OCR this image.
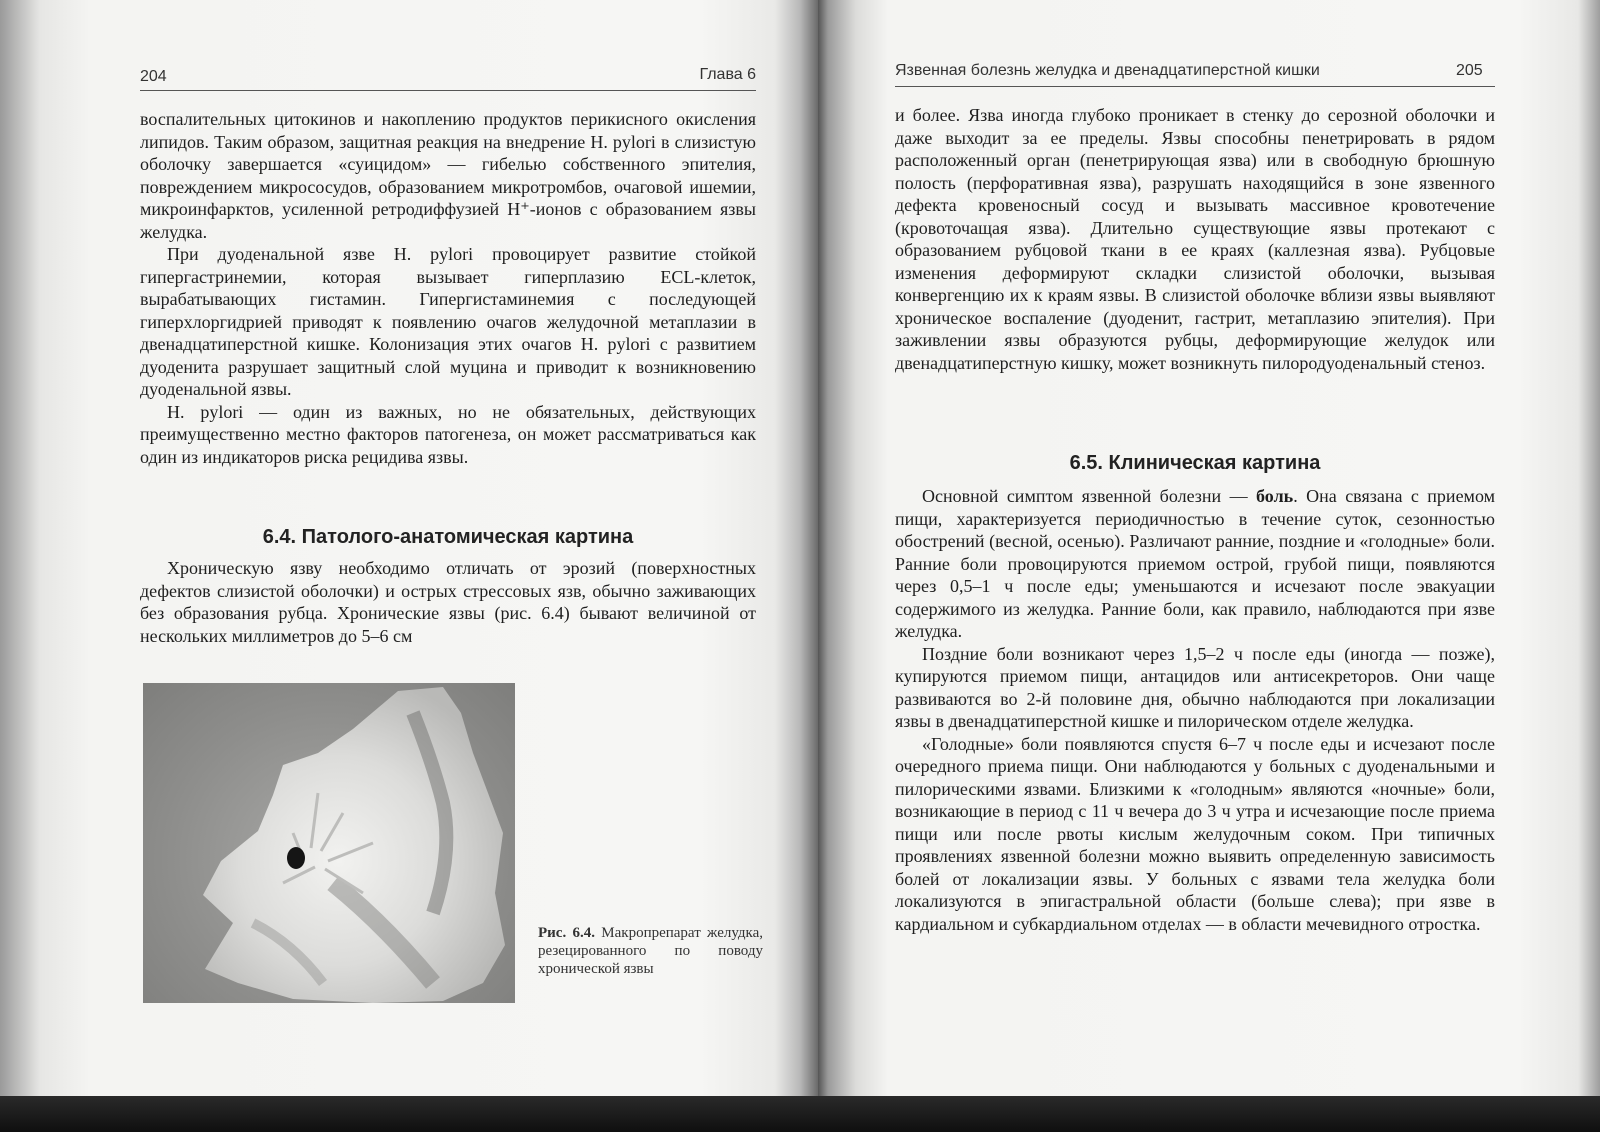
204	Глава 6

воспалительных цитокинов и накоплению продуктов перикисного окисления липидов. Таким образом, защитная реакция на внедрение H. pylori в слизистую оболочку завершается «суицидом» — гибелью собственного эпителия, повреждением микрососудов, образованием микротромбов, очаговой ишемии, микроинфарктов, усиленной ретродиффузией H⁺-ионов с образованием язвы желудка.

При дуоденальной язве H. pylori провоцирует развитие стойкой гипергастринемии, которая вызывает гиперплазию ECL-клеток, вырабатывающих гистамин. Гипергистаминемия с последующей гиперхлоргидрией приводят к появлению очагов желудочной метаплазии в двенадцатиперстной кишке. Колонизация этих очагов H. pylori с развитием дуоденита разрушает защитный слой муцина и приводит к возникновению дуоденальной язвы.

H. pylori — один из важных, но не обязательных, действующих преимущественно местно факторов патогенеза, он может рассматриваться как один из индикаторов риска рецидива язвы.

6.4. Патолого-анатомическая картина

Хроническую язву необходимо отличать от эрозий (поверхностных дефектов слизистой оболочки) и острых стрессовых язв, обычно заживающих без образования рубца. Хронические язвы (рис. 6.4) бывают величиной от нескольких миллиметров до 5–6 см

Рис. 6.4. Макропрепарат желудка, резецированного по поводу хронической язвы
Язвенная болезнь желудка и двенадцатиперстной кишки	205

и более. Язва иногда глубоко проникает в стенку до серозной оболочки и даже выходит за ее пределы. Язвы способны пенетрировать в рядом расположенный орган (пенетрирующая язва) или в свободную брюшную полость (перфоративная язва), разрушать находящийся в зоне язвенного дефекта кровеносный сосуд и вызывать массивное кровотечение (кровоточащая язва). Длительно существующие язвы протекают с образованием рубцовой ткани в ее краях (каллезная язва). Рубцовые изменения деформируют складки слизистой оболочки, вызывая конвергенцию их к краям язвы. В слизистой оболочке вблизи язвы выявляют хроническое воспаление (дуоденит, гастрит, метаплазию эпителия). При заживлении язвы образуются рубцы, деформирующие желудок или двенадцатиперстную кишку, может возникнуть пилородуоденальный стеноз.

6.5. Клиническая картина

Основной симптом язвенной болезни — боль. Она связана с приемом пищи, характеризуется периодичностью в течение суток, сезонностью обострений (весной, осенью). Различают ранние, поздние и «голодные» боли. Ранние боли провоцируются приемом острой, грубой пищи, появляются через 0,5–1 ч после еды; уменьшаются и исчезают после эвакуации содержимого из желудка. Ранние боли, как правило, наблюдаются при язве желудка.

Поздние боли возникают через 1,5–2 ч после еды (иногда — позже), купируются приемом пищи, антацидов или антисекреторов. Они чаще развиваются во 2-й половине дня, обычно наблюдаются при локализации язвы в двенадцатиперстной кишке и пилорическом отделе желудка.

«Голодные» боли появляются спустя 6–7 ч после еды и исчезают после очередного приема пищи. Они наблюдаются у больных с дуоденальными и пилорическими язвами. Близкими к «голодным» являются «ночные» боли, возникающие в период с 11 ч вечера до 3 ч утра и исчезающие после приема пищи или после рвоты кислым желудочным соком. При типичных проявлениях язвенной болезни можно выявить определенную зависимость болей от локализации язвы. У больных с язвами тела желудка боли локализуются в эпигастральной области (больше слева); при язве в кардиальном и субкардиальном отделах — в области мечевидного отростка.
